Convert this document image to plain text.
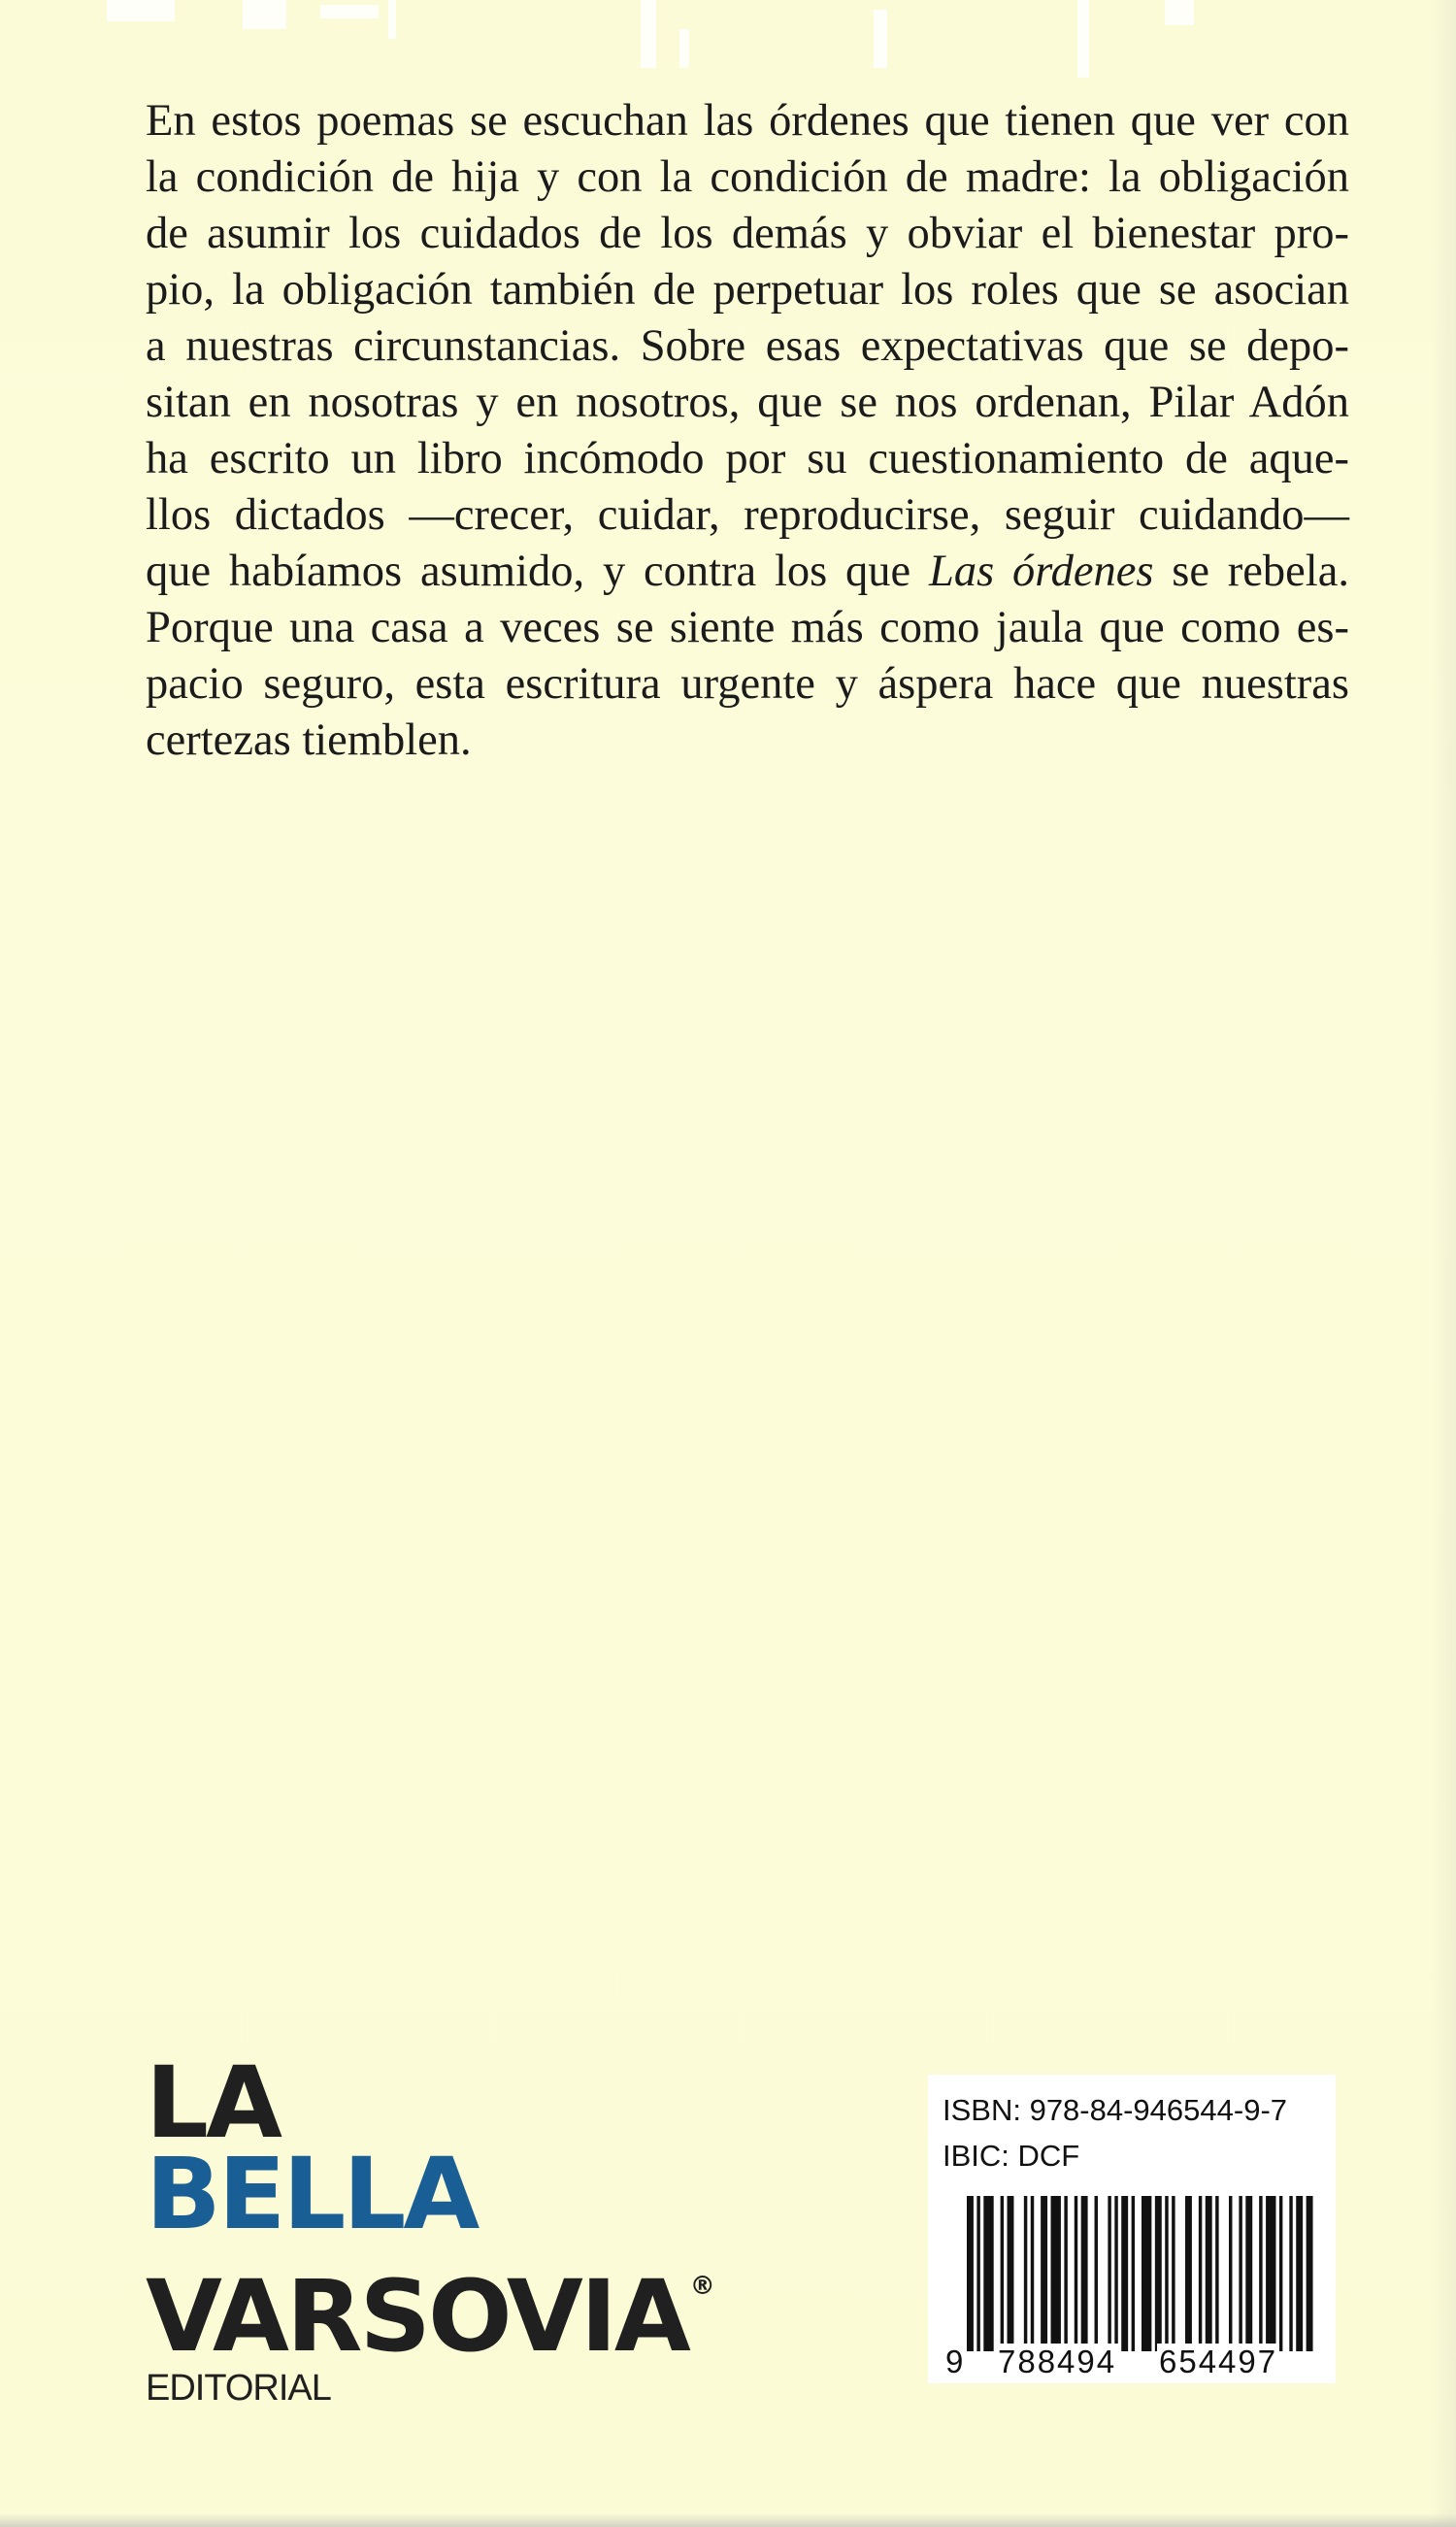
En estos poemas se escuchan las órdenes que tienen que ver con
la condición de hija y con la condición de madre: la obligación
de asumir los cuidados de los demás y obviar el bienestar pro-
pio, la obligación también de perpetuar los roles que se asocian
a nuestras circunstancias. Sobre esas expectativas que se depo-
sitan en nosotras y en nosotros, que se nos ordenan, Pilar Adón
ha escrito un libro incómodo por su cuestionamiento de aque-
llos dictados —crecer, cuidar, reproducirse, seguir cuidando—
que habíamos asumido, y contra los que Las órdenes se rebela.
Porque una casa a veces se siente más como jaula que como es-
pacio seguro, esta escritura urgente y áspera hace que nuestras
certezas tiemblen.
LA
BELLA
VARSOVIA®
EDITORIAL
ISBN: 978-84-946544-9-7
IBIC: DCF
9 788494 654497
